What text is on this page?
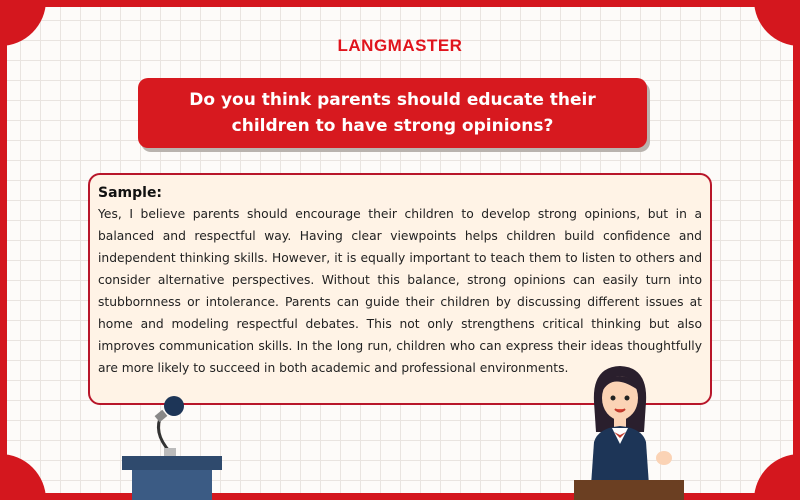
LANGMASTER
Do you think parents should educate their children to have strong opinions?
Sample:

Yes, I believe parents should encourage their children to develop strong opinions, but in a balanced and respectful way. Having clear viewpoints helps children build confidence and independent thinking skills. However, it is equally important to teach them to listen to others and consider alternative perspectives. Without this balance, strong opinions can easily turn into stubbornness or intolerance. Parents can guide their children by discussing different issues at home and modeling respectful debates. This not only strengthens critical thinking but also improves communication skills. In the long run, children who can express their ideas thoughtfully are more likely to succeed in both academic and professional environments.
